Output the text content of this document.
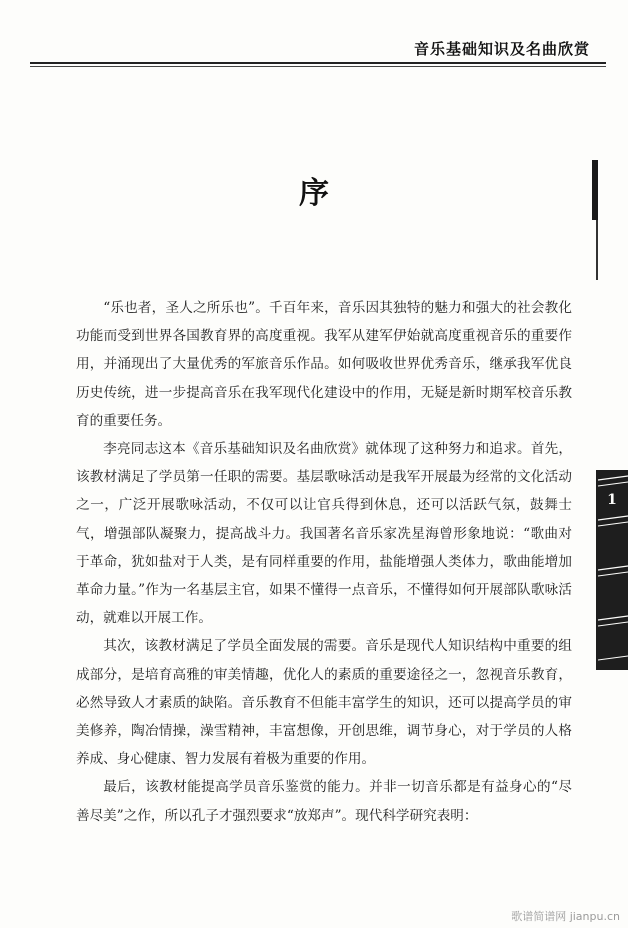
音乐基础知识及名曲欣赏
1
序

“乐也者，圣人之所乐也”。千百年来，音乐因其独特的魅力和强大的社会教化功能而受到世界各国教育界的高度重视。我军从建军伊始就高度重视音乐的重要作用，并涌现出了大量优秀的军旅音乐作品。如何吸收世界优秀音乐，继承我军优良历史传统，进一步提高音乐在我军现代化建设中的作用，无疑是新时期军校音乐教育的重要任务。

李亮同志这本《音乐基础知识及名曲欣赏》就体现了这种努力和追求。首先，该教材满足了学员第一任职的需要。基层歌咏活动是我军开展最为经常的文化活动之一，广泛开展歌咏活动，不仅可以让官兵得到休息，还可以活跃气氛，鼓舞士气，增强部队凝聚力，提高战斗力。我国著名音乐家冼星海曾形象地说：“歌曲对于革命，犹如盐对于人类，是有同样重要的作用，盐能增强人类体力，歌曲能增加革命力量。”作为一名基层主官，如果不懂得一点音乐，不懂得如何开展部队歌咏活动，就难以开展工作。

其次，该教材满足了学员全面发展的需要。音乐是现代人知识结构中重要的组成部分，是培育高雅的审美情趣，优化人的素质的重要途径之一，忽视音乐教育，必然导致人才素质的缺陷。音乐教育不但能丰富学生的知识，还可以提高学员的审美修养，陶冶情操，澡雪精神，丰富想像，开创思维，调节身心，对于学员的人格养成、身心健康、智力发展有着极为重要的作用。

最后，该教材能提高学员音乐鉴赏的能力。并非一切音乐都是有益身心的“尽善尽美”之作，所以孔子才强烈要求“放郑声”。现代科学研究表明：

歌谱简谱网 jianpu.cn
